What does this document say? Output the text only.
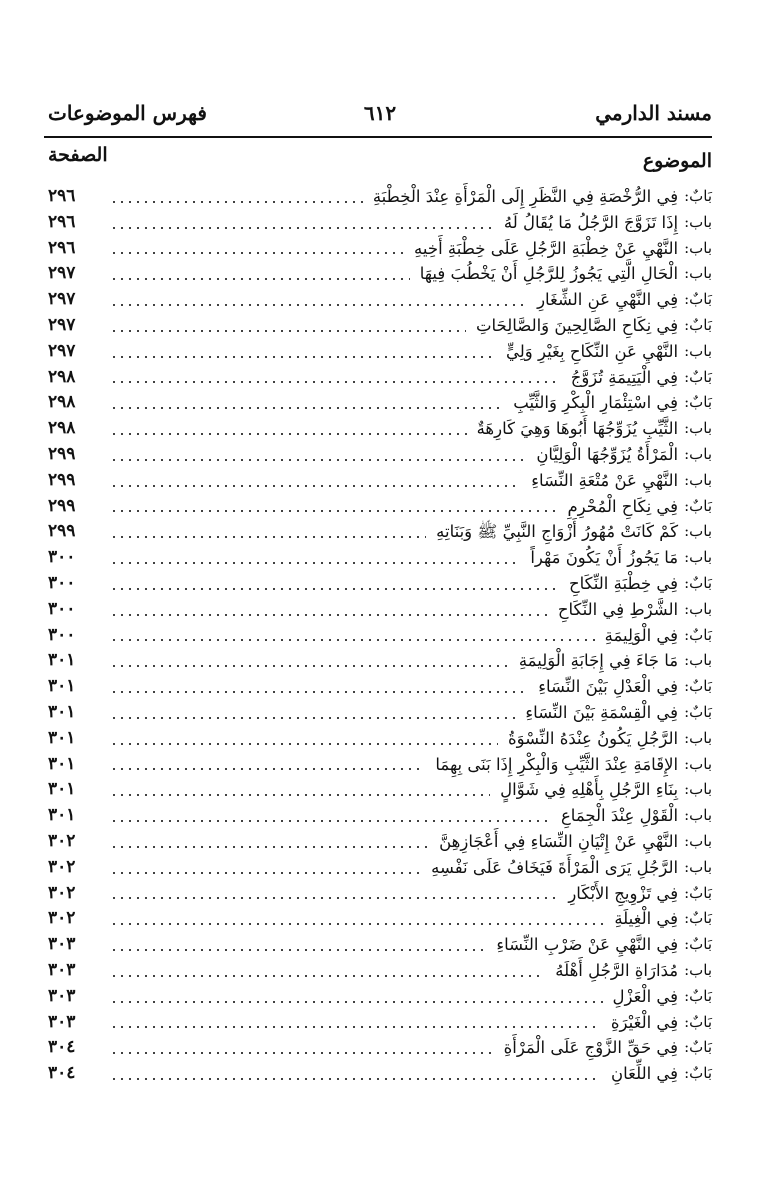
مسند الدارمي
٦١٢
فهرس الموضوعات
الموضوع
الصفحة
بَابٌ:
فِي الرُّخْصَةِ فِي النَّظَرِ إِلَى الْمَرْأَةِ عِنْدَ الْخِطْبَةِ
٢٩٦
باب:
إِذَا تَزَوَّجَ الرَّجُلُ مَا يُقَالُ لَهُ
٢٩٦
باب:
النَّهْيِ عَنْ خِطْبَةِ الرَّجُلِ عَلَى خِطْبَةِ أَخِيهِ
٢٩٦
باب:
الْحَالِ الَّتِي يَجُوزُ لِلرَّجُلِ أَنْ يَخْطُبَ فِيهَا
٢٩٧
بَابٌ:
فِي النَّهْيِ عَنِ الشِّغَارِ
٢٩٧
بَابٌ:
فِي نِكَاحِ الصَّالِحِينَ وَالصَّالِحَاتِ
٢٩٧
باب:
النَّهْيِ عَنِ النِّكَاحِ بِغَيْرِ وَلِيٍّ
٢٩٧
بَابٌ:
فِي الْيَتِيمَةِ تُزَوَّجُ
٢٩٨
بَابٌ:
فِي اسْتِئْمَارِ الْبِكْرِ وَالثَّيِّبِ
٢٩٨
باب:
الثَّيِّبِ يُزَوِّجُهَا أَبُوهَا وَهِيَ كَارِهَةٌ
٢٩٨
باب:
الْمَرْأَةُ يُزَوِّجُهَا الْوَلِيَّانِ
٢٩٩
باب:
النَّهْيِ عَنْ مُتْعَةِ النِّسَاءِ
٢٩٩
بَابٌ:
فِي نِكَاحِ الْمُحْرِمِ
٢٩٩
باب:
كَمْ كَانَتْ مُهُورُ أَزْوَاجِ النَّبِيِّ ﷺ وَبَنَاتِهِ
٢٩٩
باب:
مَا يَجُوزُ أَنْ يَكُونَ مَهْراً
٣٠٠
بَابٌ:
فِي خِطْبَةِ النِّكَاحِ
٣٠٠
باب:
الشَّرْطِ فِي النِّكَاحِ
٣٠٠
بَابٌ:
فِي الْوَلِيمَةِ
٣٠٠
باب:
مَا جَاءَ فِي إِجَابَةِ الْوَلِيمَةِ
٣٠١
بَابٌ:
فِي الْعَدْلِ بَيْنَ النِّسَاءِ
٣٠١
بَابٌ:
فِي الْقِسْمَةِ بَيْنَ النِّسَاءِ
٣٠١
باب:
الرَّجُلِ يَكُونُ عِنْدَهُ النِّسْوَةُ
٣٠١
باب:
الإِقَامَةِ عِنْدَ الثَّيِّبِ وَالْبِكْرِ إِذَا بَنَى بِهِمَا
٣٠١
باب:
بِنَاءِ الرَّجُلِ بِأَهْلِهِ فِي شَوَّالٍ
٣٠١
باب:
الْقَوْلِ عِنْدَ الْجِمَاعِ
٣٠١
باب:
النَّهْيِ عَنْ إِتْيَانِ النِّسَاءِ فِي أَعْجَازِهِنَّ
٣٠٢
باب:
الرَّجُلِ يَرَى الْمَرْأَةَ فَيَخَافُ عَلَى نَفْسِهِ
٣٠٢
بَابٌ:
فِي تَزْوِيجِ الأَبْكَارِ
٣٠٢
بَابٌ:
فِي الْغِيلَةِ
٣٠٢
بَابٌ:
فِي النَّهْيِ عَنْ ضَرْبِ النِّسَاءِ
٣٠٣
باب:
مُدَارَاةِ الرَّجُلِ أَهْلَهُ
٣٠٣
بَابٌ:
فِي الْعَزْلِ
٣٠٣
بَابٌ:
فِي الْغَيْرَةِ
٣٠٣
بَابٌ:
فِي حَقِّ الزَّوْجِ عَلَى الْمَرْأَةِ
٣٠٤
بَابٌ:
فِي اللِّعَانِ
٣٠٤
